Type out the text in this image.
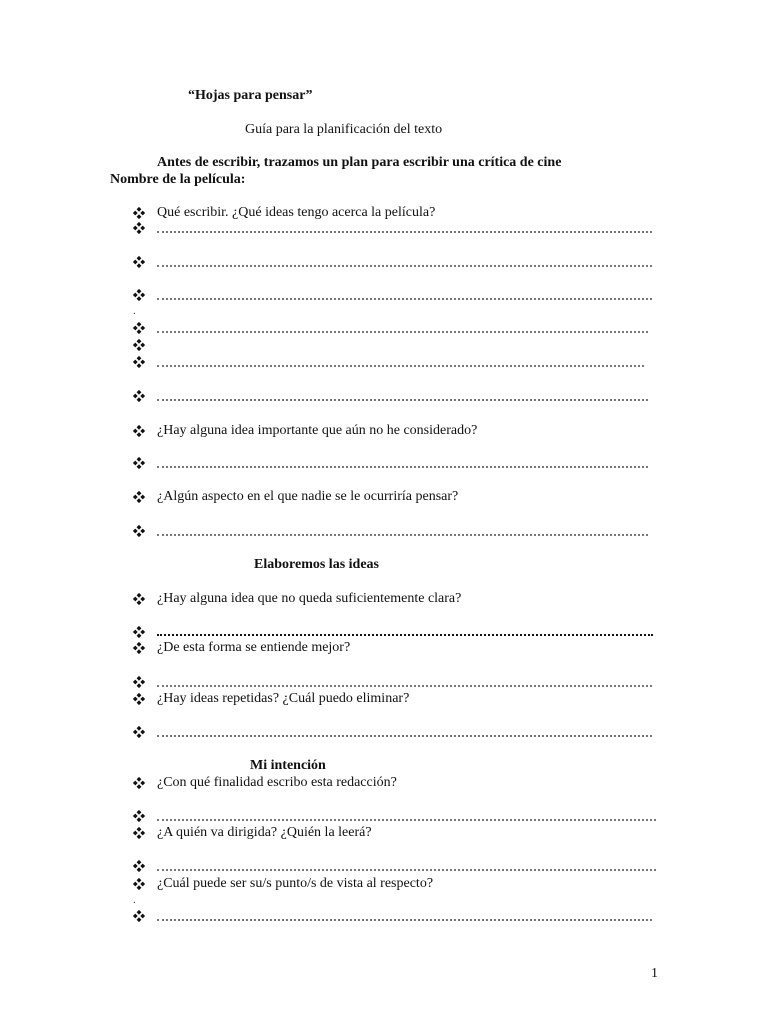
“Hojas para pensar”
Guía para la planificación del texto
Antes de escribir, trazamos un plan para escribir una crítica de cine
Nombre de la película:
Qué escribir. ¿Qué ideas tengo acerca la película?
.
¿Hay alguna idea importante que aún no he considerado?
¿Algún aspecto en el que nadie se le ocurriría pensar?
Elaboremos las ideas
¿Hay alguna idea que no queda suficientemente clara?
¿De esta forma se entiende mejor?
¿Hay ideas repetidas? ¿Cuál puedo eliminar?
Mi intención
¿Con qué finalidad escribo esta redacción?
¿A quién va dirigida? ¿Quién la leerá?
¿Cuál puede ser su/s punto/s de vista al respecto?
.
1
